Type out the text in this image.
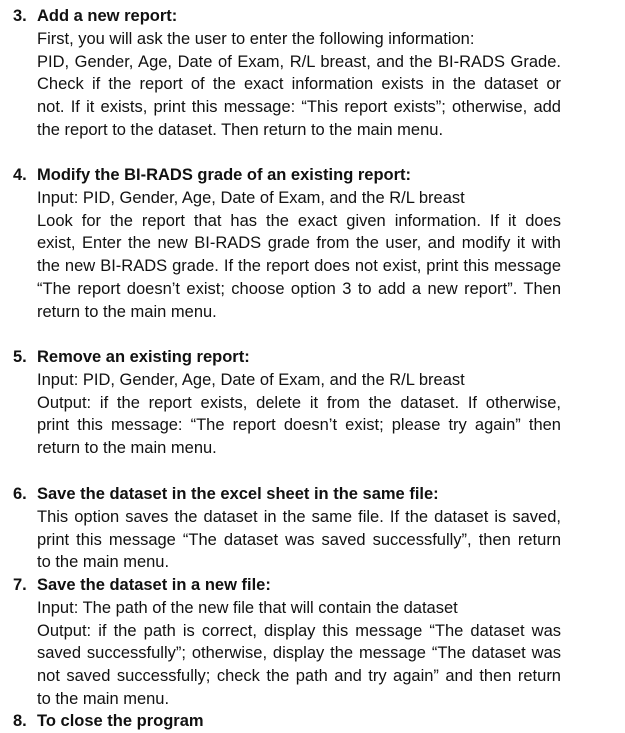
3. Add a new report:
First, you will ask the user to enter the following information:
PID, Gender, Age, Date of Exam, R/L breast, and the BI-RADS Grade.
Check if the report of the exact information exists in the dataset or
not. If it exists, print this message: “This report exists”; otherwise, add
the report to the dataset. Then return to the main menu.
4. Modify the BI-RADS grade of an existing report:
Input: PID, Gender, Age, Date of Exam, and the R/L breast
Look for the report that has the exact given information. If it does
exist, Enter the new BI-RADS grade from the user, and modify it with
the new BI-RADS grade. If the report does not exist, print this message
“The report doesn’t exist; choose option 3 to add a new report”. Then
return to the main menu.
5. Remove an existing report:
Input: PID, Gender, Age, Date of Exam, and the R/L breast
Output: if the report exists, delete it from the dataset. If otherwise,
print this message: “The report doesn’t exist; please try again” then
return to the main menu.
6. Save the dataset in the excel sheet in the same file:
This option saves the dataset in the same file. If the dataset is saved,
print this message “The dataset was saved successfully”, then return
to the main menu.
7. Save the dataset in a new file:
Input: The path of the new file that will contain the dataset
Output: if the path is correct, display this message “The dataset was
saved successfully”; otherwise, display the message “The dataset was
not saved successfully; check the path and try again” and then return
to the main menu.
8. To close the program
